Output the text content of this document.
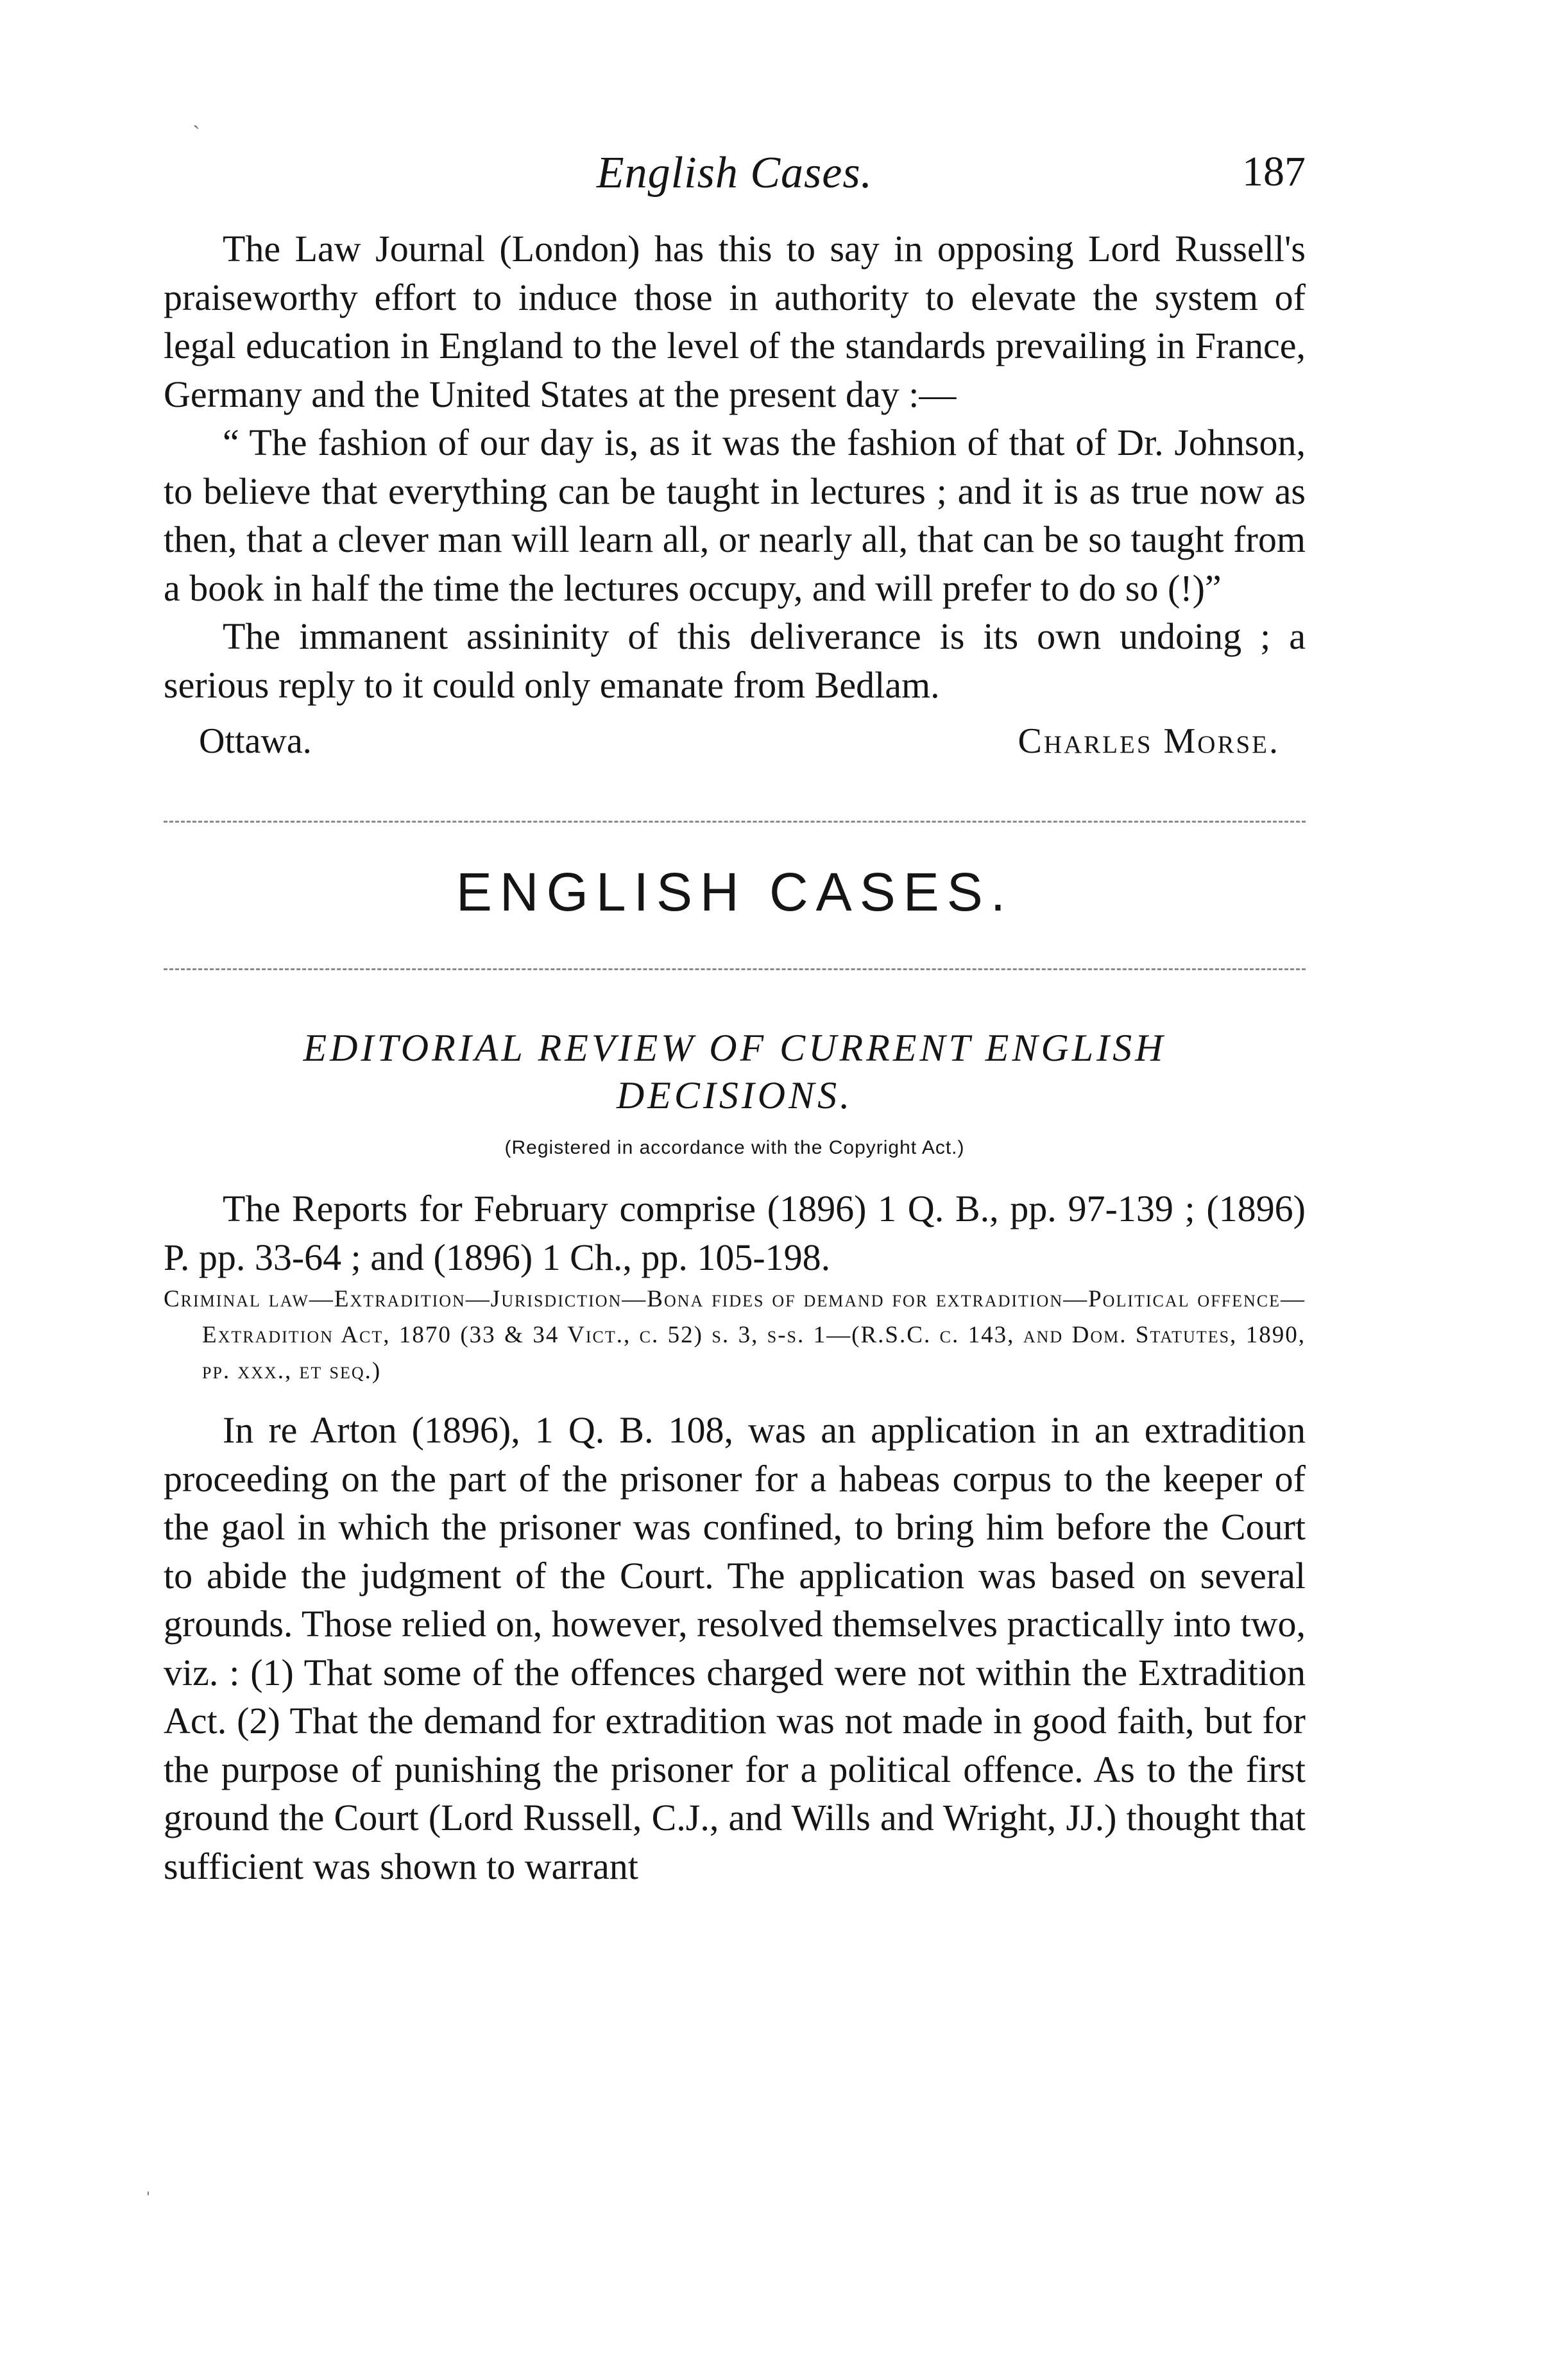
English Cases.	187

The Law Journal (London) has this to say in opposing Lord Russell's praiseworthy effort to induce those in authority to elevate the system of legal education in England to the level of the standards prevailing in France, Germany and the United States at the present day :—

“ The fashion of our day is, as it was the fashion of that of Dr. Johnson, to believe that everything can be taught in lectures ; and it is as true now as then, that a clever man will learn all, or nearly all, that can be so taught from a book in half the time the lectures occupy, and will prefer to do so (!)”

The immanent assininity of this deliverance is its own undoing ; a serious reply to it could only emanate from Bedlam.

Ottawa.	Charles Morse.
ENGLISH CASES.
EDITORIAL REVIEW OF CURRENT ENGLISH
DECISIONS.
(Registered in accordance with the Copyright Act.)

The Reports for February comprise (1896) 1 Q. B., pp. 97-139 ; (1896) P. pp. 33-64 ; and (1896) 1 Ch., pp. 105-198.

Criminal law—Extradition—Jurisdiction—Bona fides of demand for extradition—Political offence—Extradition Act, 1870 (33 & 34 Vict., c. 52) s. 3, s-s. 1—(R.S.C. c. 143, and Dom. Statutes, 1890, pp. xxx., et seq.)

In re Arton (1896), 1 Q. B. 108, was an application in an extradition proceeding on the part of the prisoner for a habeas corpus to the keeper of the gaol in which the prisoner was confined, to bring him before the Court to abide the judgment of the Court. The application was based on several grounds. Those relied on, however, resolved themselves practically into two, viz. : (1) That some of the offences charged were not within the Extradition Act. (2) That the demand for extradition was not made in good faith, but for the purpose of punishing the prisoner for a political offence. As to the first ground the Court (Lord Russell, C.J., and Wills and Wright, JJ.) thought that sufficient was shown to warrant

ˏ
ˌ
